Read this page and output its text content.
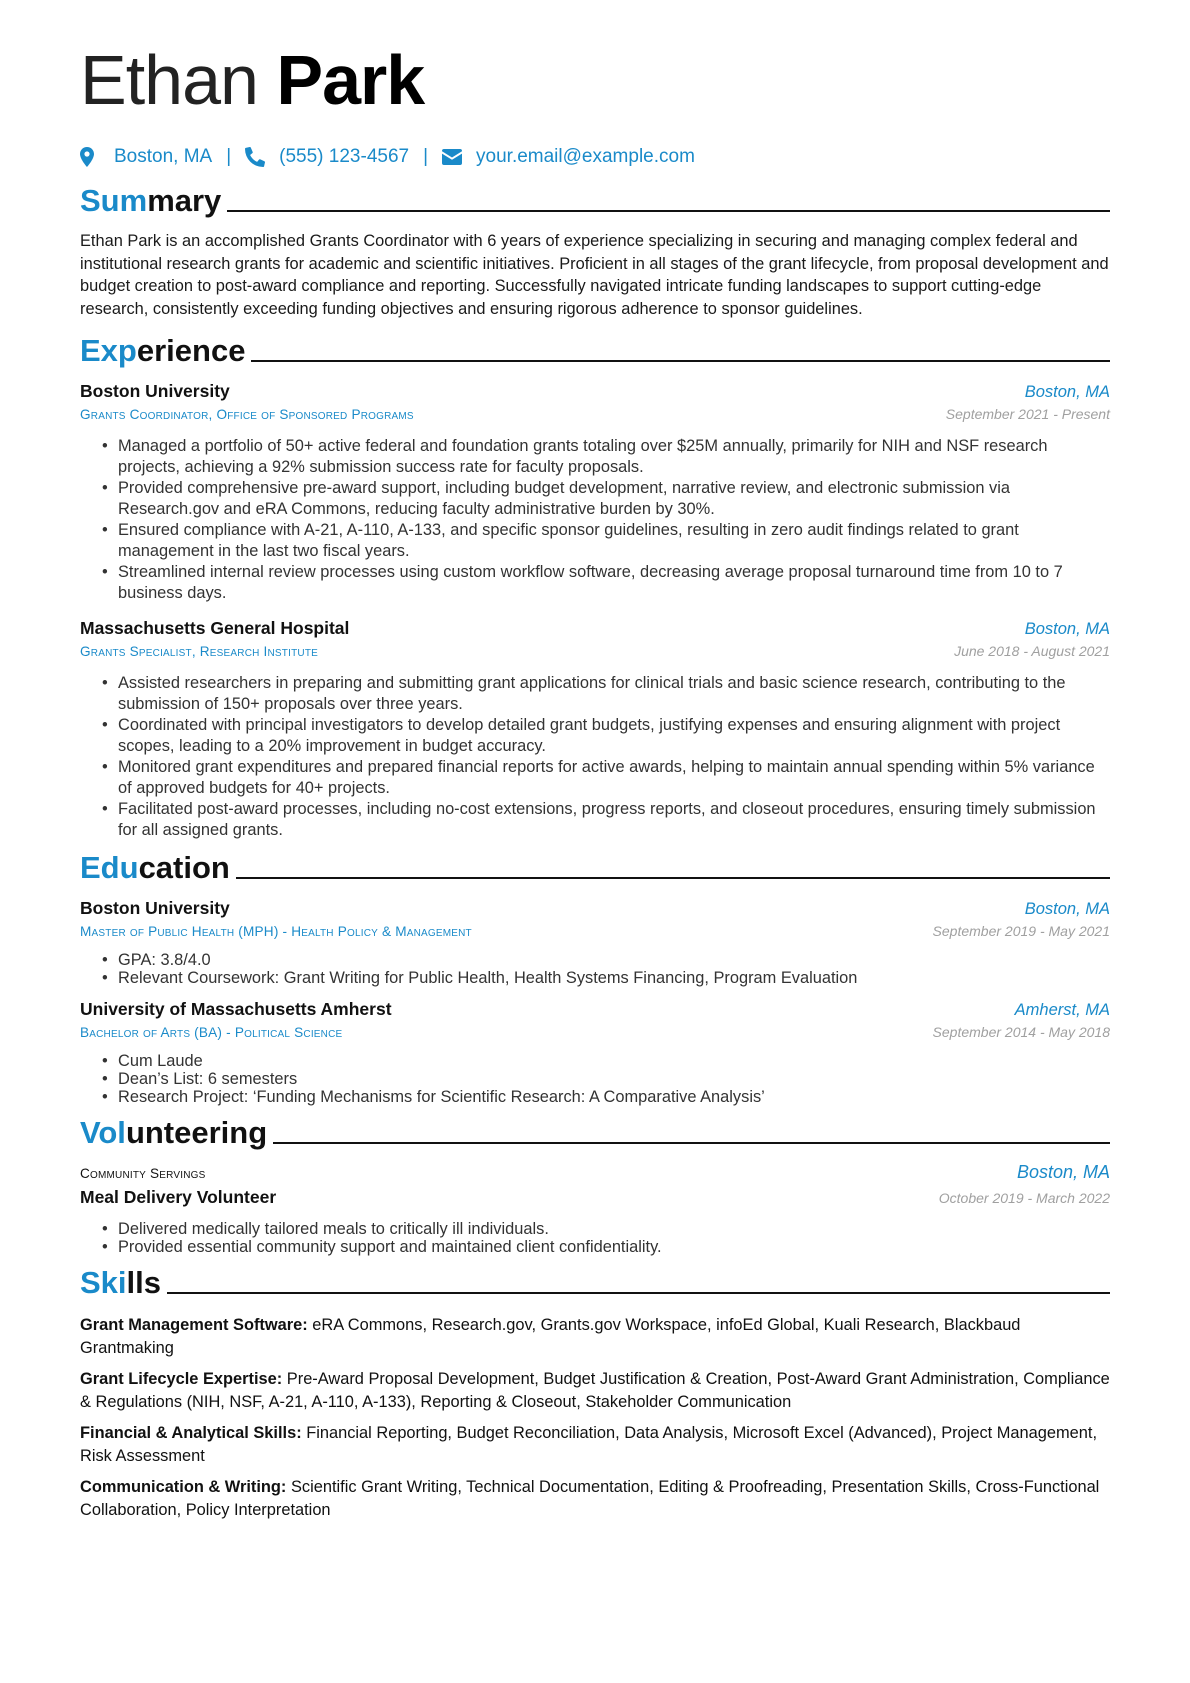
Ethan Park
Boston, MA |	(555) 123-4567 |	your.email@example.com
Summary
Ethan Park is an accomplished Grants Coordinator with 6 years of experience specializing in securing and managing complex federal and institutional research grants for academic and scientific initiatives. Proficient in all stages of the grant lifecycle, from proposal development and budget creation to post-award compliance and reporting. Successfully navigated intricate funding landscapes to support cutting-edge research, consistently exceeding funding objectives and ensuring rigorous adherence to sponsor guidelines.
Experience
Boston University	Boston, MA
Grants Coordinator, Office of Sponsored Programs	September 2021 - Present
• Managed a portfolio of 50+ active federal and foundation grants totaling over $25M annually, primarily for NIH and NSF research projects, achieving a 92% submission success rate for faculty proposals.
• Provided comprehensive pre-award support, including budget development, narrative review, and electronic submission via Research.gov and eRA Commons, reducing faculty administrative burden by 30%.
• Ensured compliance with A-21, A-110, A-133, and specific sponsor guidelines, resulting in zero audit findings related to grant management in the last two fiscal years.
• Streamlined internal review processes using custom workflow software, decreasing average proposal turnaround time from 10 to 7 business days.
Massachusetts General Hospital	Boston, MA
Grants Specialist, Research Institute	June 2018 - August 2021
• Assisted researchers in preparing and submitting grant applications for clinical trials and basic science research, contributing to the submission of 150+ proposals over three years.
• Coordinated with principal investigators to develop detailed grant budgets, justifying expenses and ensuring alignment with project scopes, leading to a 20% improvement in budget accuracy.
• Monitored grant expenditures and prepared financial reports for active awards, helping to maintain annual spending within 5% variance of approved budgets for 40+ projects.
• Facilitated post-award processes, including no-cost extensions, progress reports, and closeout procedures, ensuring timely submission for all assigned grants.
Education
Boston University	Boston, MA
Master of Public Health (MPH) - Health Policy & Management	September 2019 - May 2021
• GPA: 3.8/4.0
• Relevant Coursework: Grant Writing for Public Health, Health Systems Financing, Program Evaluation
University of Massachusetts Amherst	Amherst, MA
Bachelor of Arts (BA) - Political Science	September 2014 - May 2018
• Cum Laude
• Dean’s List: 6 semesters
• Research Project: ‘Funding Mechanisms for Scientific Research: A Comparative Analysis’
Volunteering
Community Servings	Boston, MA
Meal Delivery Volunteer	October 2019 - March 2022
• Delivered medically tailored meals to critically ill individuals.
• Provided essential community support and maintained client confidentiality.
Skills
Grant Management Software: eRA Commons, Research.gov, Grants.gov Workspace, infoEd Global, Kuali Research, Blackbaud Grantmaking
Grant Lifecycle Expertise: Pre-Award Proposal Development, Budget Justification & Creation, Post-Award Grant Administration, Compliance & Regulations (NIH, NSF, A-21, A-110, A-133), Reporting & Closeout, Stakeholder Communication
Financial & Analytical Skills: Financial Reporting, Budget Reconciliation, Data Analysis, Microsoft Excel (Advanced), Project Management, Risk Assessment
Communication & Writing: Scientific Grant Writing, Technical Documentation, Editing & Proofreading, Presentation Skills, Cross-Functional Collaboration, Policy Interpretation
